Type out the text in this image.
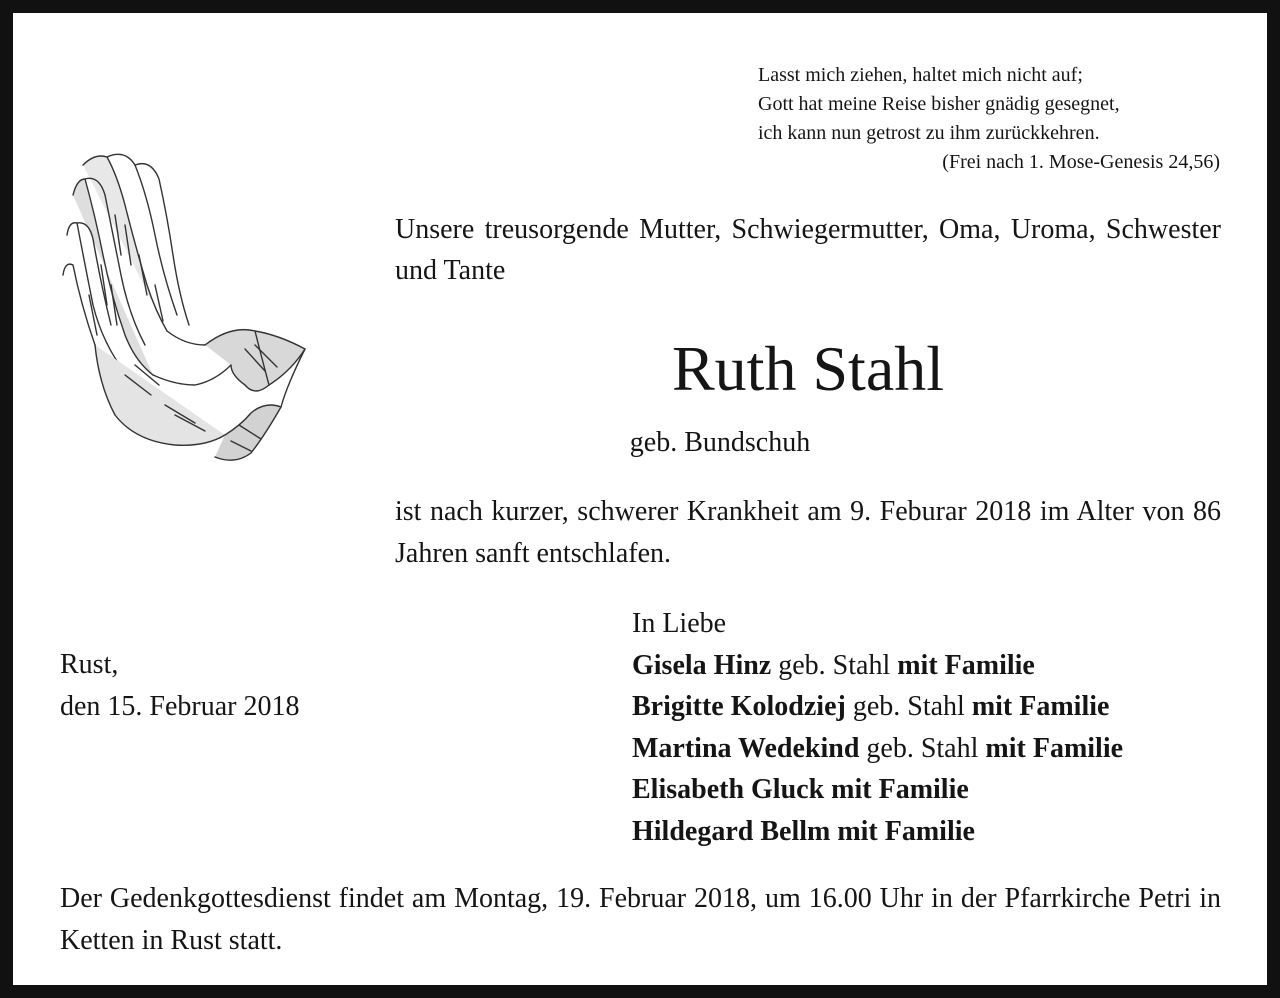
Lasst mich ziehen, haltet mich nicht auf;
Gott hat meine Reise bisher gnädig gesegnet,
ich kann nun getrost zu ihm zurückkehren.
(Frei nach 1. Mose-Genesis 24,56)
Unsere treusorgende Mutter, Schwiegermutter, Oma, Uroma, Schwester und Tante
Ruth Stahl
geb. Bundschuh
ist nach kurzer, schwerer Krankheit am 9. Feburar 2018 im Alter von 86 Jahren sanft entschlafen.
Rust,
den 15. Februar 2018
In Liebe
Gisela Hinz geb. Stahl mit Familie
Brigitte Kolodziej geb. Stahl mit Familie
Martina Wedekind geb. Stahl mit Familie
Elisabeth Gluck mit Familie
Hildegard Bellm mit Familie
Der Gedenkgottesdienst findet am Montag, 19. Februar 2018, um 16.00 Uhr in der Pfarrkirche Petri in Ketten in Rust statt.
